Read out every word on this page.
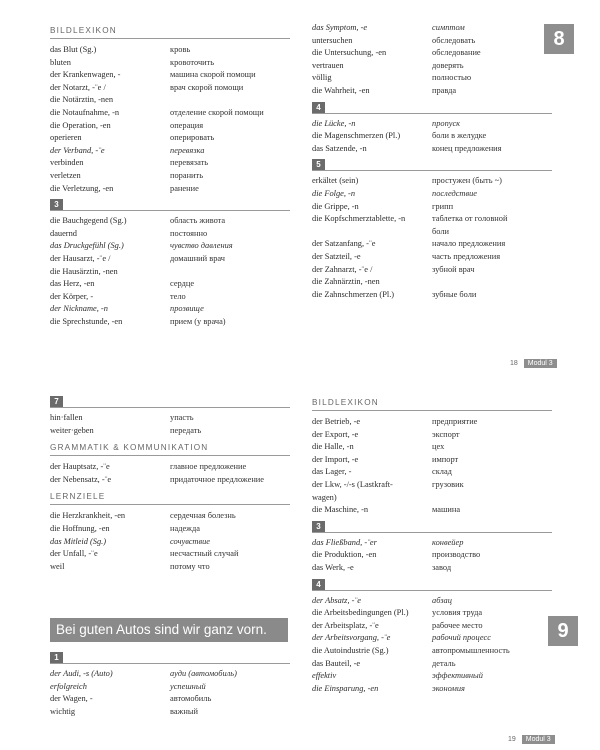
BILDLEXIKON
das Blut (Sg.)	кровь
bluten	кровоточить
der Krankenwagen, -	машина скорой помощи
der Notarzt, -¨e /	врач скорой помощи
die Notärztin, -nen
die Notaufnahme, -n	отделение скорой помощи
die Operation, -en	операция
operieren	оперировать
der Verband, -¨e	перевязка
verbinden	перевязать
verletzen	поранить
die Verletzung, -en	ранение
3
die Bauchgegend (Sg.)	область живота
dauernd	постоянно
das Druckgefühl (Sg.)	чувство давления
der Hausarzt, -¨e /	домашний врач
die Hausärztin, -nen
das Herz, -en	сердце
der Körper, -	тело
der Nickname, -n	прозвище
die Sprechstunde, -en	прием (у врача)
das Symptom, -e	симптом
untersuchen	обследовать
die Untersuchung, -en	обследование
vertrauen	доверять
völlig	полностью
die Wahrheit, -en	правда
4
die Lücke, -n	пропуск
die Magenschmerzen (Pl.)	боли в желудке
das Satzende, -n	конец предложения
5
erkältet (sein)	простужен (быть ~)
die Folge, -n	последствие
die Grippe, -n	грипп
die Kopfschmerztablette, -n	таблетка от головной
боли
der Satzanfang, -¨e	начало предложения
der Satzteil, -e	часть предложения
der Zahnarzt, -¨e /	зубной врач
die Zahnärztin, -nen
die Zahnschmerzen (Pl.)	зубные боли
7
hin·fallen	упасть
weiter·geben	передать
GRAMMATIK & KOMMUNIKATION
der Hauptsatz, -¨e	главное предложение
der Nebensatz, -¨e	придаточное предложение
LERNZIELE
die Herzkrankheit, -en	сердечная болезнь
die Hoffnung, -en	надежда
das Mitleid (Sg.)	сочувствие
der Unfall, -¨e	несчастный случай
weil	потому что
1
der Audi, -s (Auto)	ауди (автомобиль)
erfolgreich	успешный
der Wagen, -	автомобиль
wichtig	важный
BILDLEXIKON
der Betrieb, -e	предприятие
der Export, -e	экспорт
die Halle, -n	цех
der Import, -e	импорт
das Lager, -	склад
der Lkw, -/-s (Lastkraft-	грузовик
wagen)
die Maschine, -n	машина
3
das Fließband, -¨er	конвейер
die Produktion, -en	производство
das Werk, -e	завод
4
der Absatz, -¨e	абзац
die Arbeitsbedingungen (Pl.)	условия труда
der Arbeitsplatz, -¨e	рабочее место
der Arbeitsvorgang, -¨e	рабочий процесс
die Autoindustrie (Sg.)	автопромышленность
das Bauteil, -e	деталь
effektiv	эффективный
die Einsparung, -en	экономия
8
9
Bei guten Autos sind wir ganz vorn.
18 Modul 3
19 Modul 3
